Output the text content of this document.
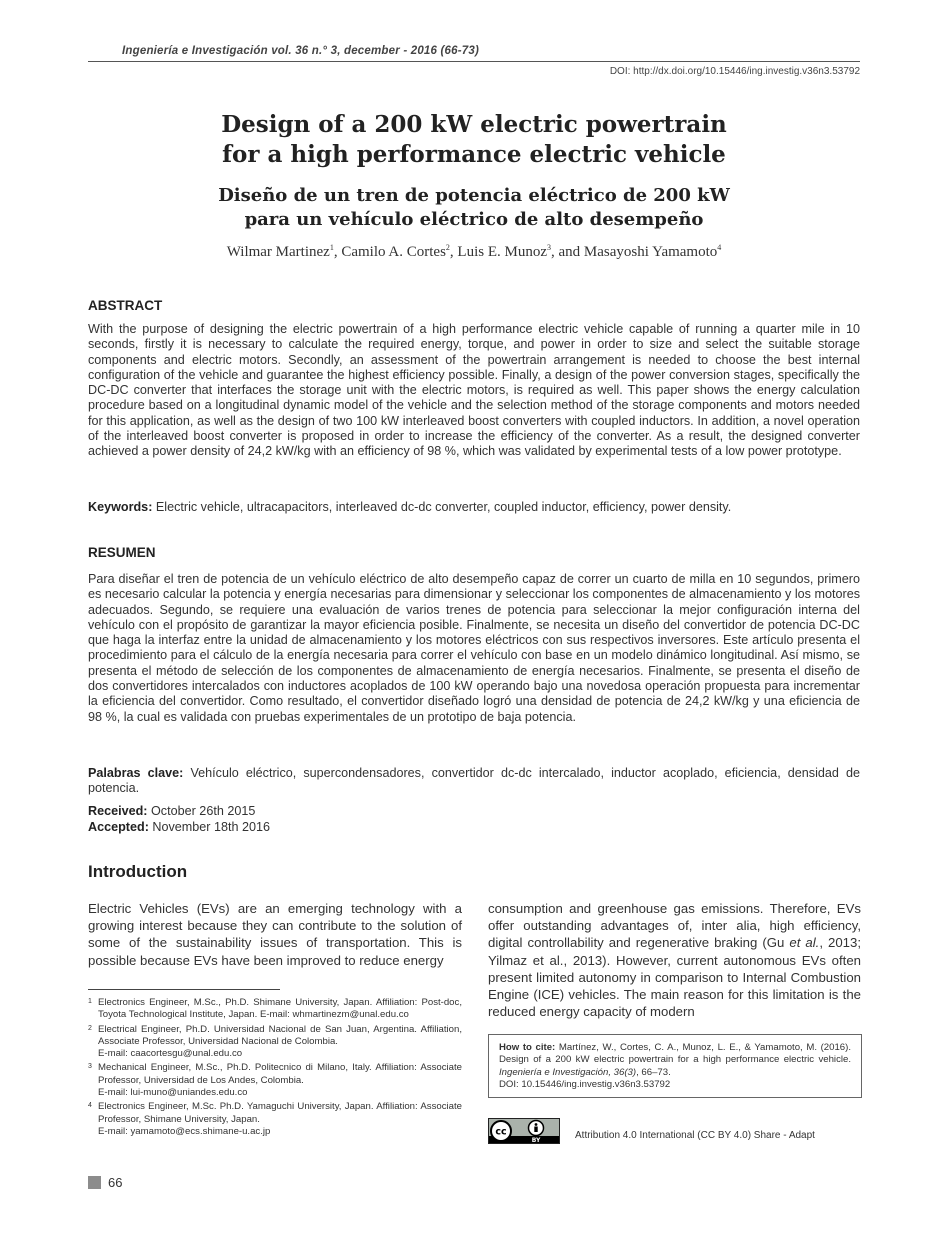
Ingeniería e Investigación vol. 36 n.° 3, december - 2016 (66-73)
DOI: http://dx.doi.org/10.15446/ing.investig.v36n3.53792
Design of a 200 kW electric powertrain
for a high performance electric vehicle
Diseño de un tren de potencia eléctrico de 200 kW
para un vehículo eléctrico de alto desempeño
Wilmar Martinez$^1$, Camilo A. Cortes$^2$, Luis E. Munoz$^3$, and Masayoshi Yamamoto$^4$
ABSTRACT
With the purpose of designing the electric powertrain of a high performance electric vehicle capable of running a quarter mile in 10 seconds, firstly it is necessary to calculate the required energy, torque, and power in order to size and select the suitable storage components and electric motors. Secondly, an assessment of the powertrain arrangement is needed to choose the best internal configuration of the vehicle and guarantee the highest efficiency possible. Finally, a design of the power conversion stages, specifically the DC-DC converter that interfaces the storage unit with the electric motors, is required as well. This paper shows the energy calculation procedure based on a longitudinal dynamic model of the vehicle and the selection method of the storage components and motors needed for this application, as well as the design of two 100 kW interleaved boost converters with coupled inductors. In addition, a novel operation of the interleaved boost converter is proposed in order to increase the efficiency of the converter. As a result, the designed converter achieved a power density of 24,2 kW/kg with an efficiency of 98 %, which was validated by experimental tests of a low power prototype.
Keywords: Electric vehicle, ultracapacitors, interleaved dc-dc converter, coupled inductor, efficiency, power density.
RESUMEN
Para diseñar el tren de potencia de un vehículo eléctrico de alto desempeño capaz de correr un cuarto de milla en 10 segundos, primero es necesario calcular la potencia y energía necesarias para dimensionar y seleccionar los componentes de almacenamiento y los motores adecuados. Segundo, se requiere una evaluación de varios trenes de potencia para seleccionar la mejor configuración interna del vehículo con el propósito de garantizar la mayor eficiencia posible. Finalmente, se necesita un diseño del convertidor de potencia DC-DC que haga la interfaz entre la unidad de almacenamiento y los motores eléctricos con sus respectivos inversores. Este artículo presenta el procedimiento para el cálculo de la energía necesaria para correr el vehículo con base en un modelo dinámico longitudinal. Así mismo, se presenta el método de selección de los componentes de almacenamiento de energía necesarios. Finalmente, se presenta el diseño de dos convertidores intercalados con inductores acoplados de 100 kW operando bajo una novedosa operación propuesta para incrementar la eficiencia del convertidor. Como resultado, el convertidor diseñado logró una densidad de potencia de 24,2 kW/kg y una eficiencia de 98 %, la cual es validada con pruebas experimentales de un prototipo de baja potencia.
Palabras clave: Vehículo eléctrico, supercondensadores, convertidor dc-dc intercalado, inductor acoplado, eficiencia, densidad de potencia.
Received: October 26th 2015
Accepted: November 18th 2016
Introduction
Electric Vehicles (EVs) are an emerging technology with a growing interest because they can contribute to the solution of some of the sustainability issues of transportation. This is possible because EVs have been improved to reduce energy
consumption and greenhouse gas emissions. Therefore, EVs offer outstanding advantages of, inter alia, high efficiency, digital controllability and regenerative braking (Gu et al., 2013; Yilmaz et al., 2013). However, current autonomous EVs often present limited autonomy in comparison to Internal Combustion Engine (ICE) vehicles. The main reason for this limitation is the reduced energy capacity of modern
1 Electronics Engineer, M.Sc., Ph.D. Shimane University, Japan. Affiliation: Post-doc, Toyota Technological Institute, Japan. E-mail: whmartinezm@unal.edu.co
2 Electrical Engineer, Ph.D. Universidad Nacional de San Juan, Argentina. Affiliation, Associate Professor, Universidad Nacional de Colombia.
E-mail: caacortesgu@unal.edu.co
3 Mechanical Engineer, M.Sc., Ph.D. Politecnico di Milano, Italy. Affiliation: Associate Professor, Universidad de Los Andes, Colombia.
E-mail: lui-muno@uniandes.edu.co
4 Electronics Engineer, M.Sc. Ph.D. Yamaguchi University, Japan. Affiliation: Associate Professor, Shimane University, Japan.
E-mail: yamamoto@ecs.shimane-u.ac.jp
How to cite: Martínez, W., Cortes, C. A., Munoz, L. E., & Yamamoto, M. (2016). Design of a 200 kW electric powertrain for a high performance electric vehicle. Ingeniería e Investigación, 36(3), 66–73.
DOI: 10.15446/ing.investig.v36n3.53792
cc
BY	Attribution 4.0 International (CC BY 4.0) Share - Adapt
66
